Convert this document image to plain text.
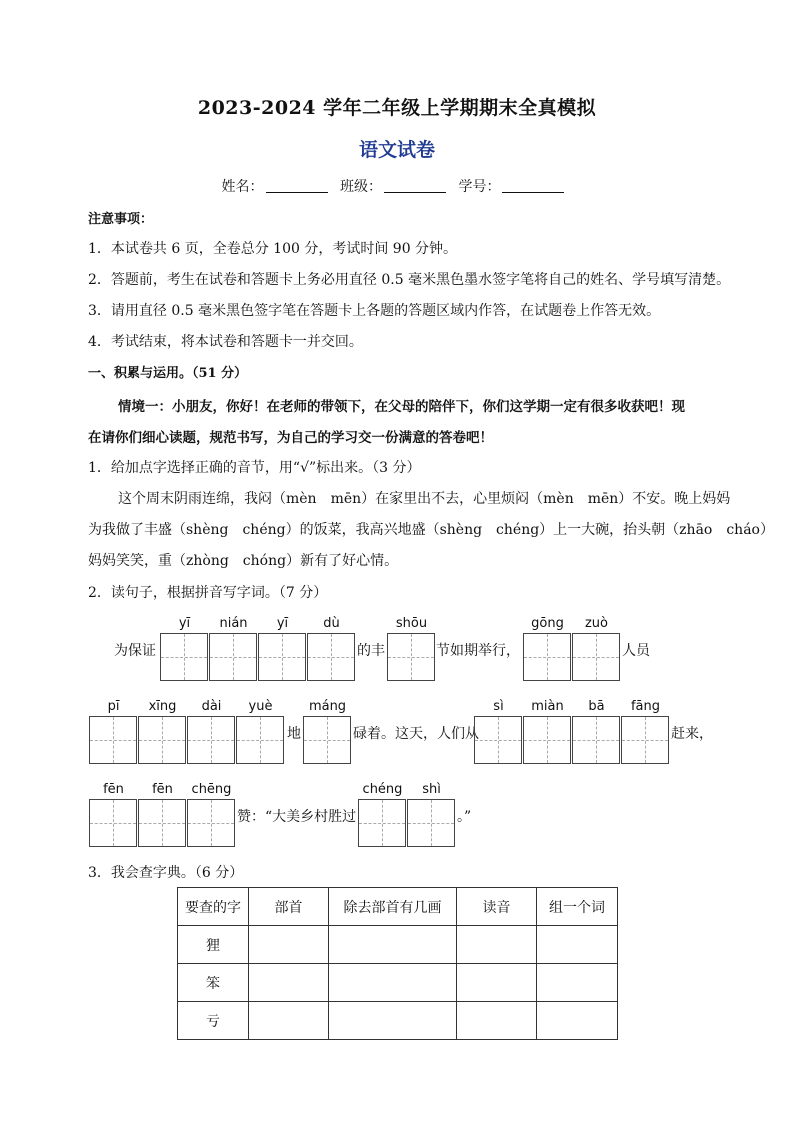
2023-2024 学年二年级上学期期末全真模拟
语文试卷
姓名：	班级：	学号：
注意事项：
1．本试卷共 6 页，全卷总分 100 分，考试时间 90 分钟。
2．答题前，考生在试卷和答题卡上务必用直径 0.5 毫米黑色墨水签字笔将自己的姓名、学号填写清楚。
3．请用直径 0.5 毫米黑色签字笔在答题卡上各题的答题区域内作答，在试题卷上作答无效。
4．考试结束，将本试卷和答题卡一并交回。
一、积累与运用。（51 分）
情境一：小朋友，你好！在老师的带领下，在父母的陪伴下，你们这学期一定有很多收获吧！现
在请你们细心读题，规范书写，为自己的学习交一份满意的答卷吧！
1．给加点字选择正确的音节，用“√”标出来。（3 分）
这个周末阴雨连绵，我闷（mèn　mēn）在家里出不去，心里烦闷（mèn　mēn）不安。晚上妈妈
为我做了丰盛（shèng　chéng）的饭菜，我高兴地盛（shèng　chéng）上一大碗，抬头朝（zhāo　cháo）
妈妈笑笑，重（zhòng　chóng）新有了好心情。
2．读句子，根据拼音写字词。（7 分）
yī	nián	yī	dù
为保证	的丰
shōu
节如期举行，
gōng	zuò
人员
pī	xīng	dài	yuè
地
máng
碌着。这天，人们从
sì	miàn	bā	fāng
赶来，
fēn	fēn	chēng
赞：“大美乡村胜过
chéng	shì
。”
3．我会查字典。（6 分）
要查的字	部首	除去部首有几画	读音	组一个词
狸				
笨				
亏				
